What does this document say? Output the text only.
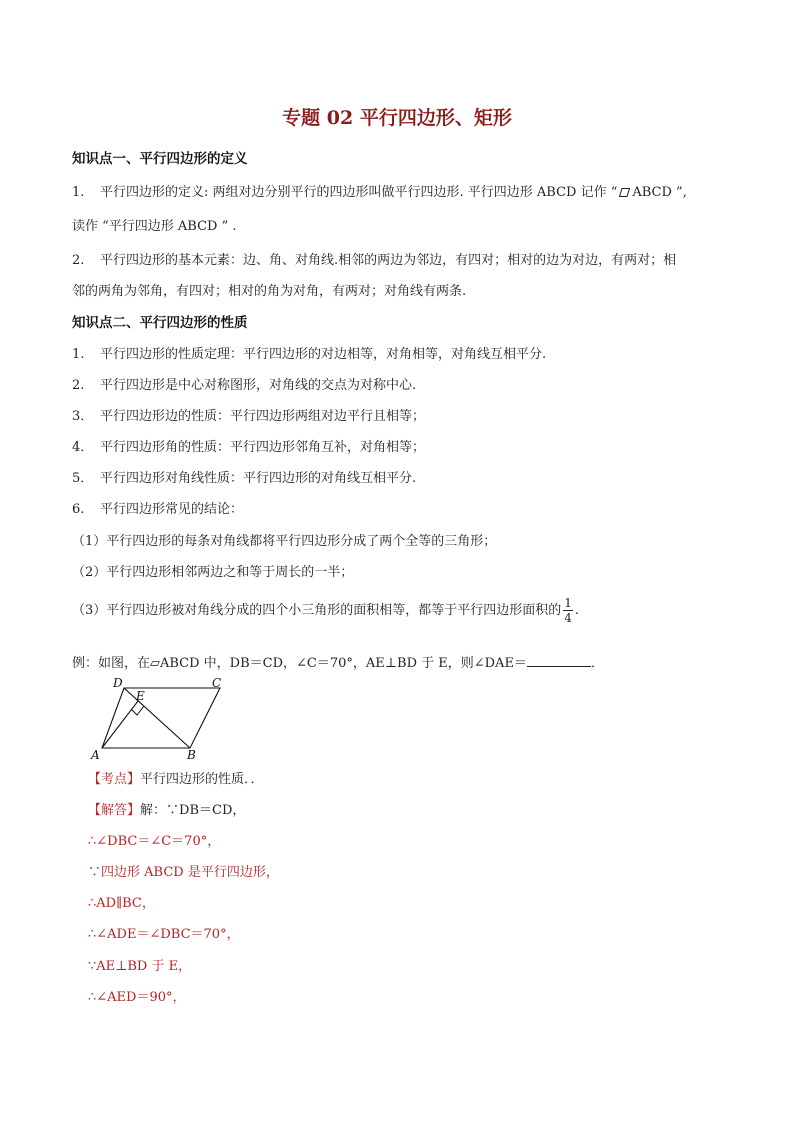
专题 02 平行四边形、矩形
知识点一、平行四边形的定义
1. 平行四边形的定义: 两组对边分别平行的四边形叫做平行四边形. 平行四边形 ABCD 记作 “ ABCD ”,
读作 “平行四边形 ABCD ” .
2. 平行四边形的基本元素：边、角、对角线.相邻的两边为邻边，有四对；相对的边为对边，有两对；相
邻的两角为邻角，有四对；相对的角为对角，有两对；对角线有两条.
知识点二、平行四边形的性质
1. 平行四边形的性质定理：平行四边形的对边相等，对角相等，对角线互相平分.
2. 平行四边形是中心对称图形，对角线的交点为对称中心.
3． 平行四边形边的性质：平行四边形两组对边平行且相等；
4． 平行四边形角的性质：平行四边形邻角互补，对角相等；
5． 平行四边形对角线性质：平行四边形的对角线互相平分.
6. 平行四边形常见的结论：
（1）平行四边形的每条对角线都将平行四边形分成了两个全等的三角形；
（2）平行四边形相邻两边之和等于周长的一半；
（3）平行四边形被对角线分成的四个小三角形的面积相等，都等于平行四边形面积的 $\frac{1}{4}$ .
例：如图，在▱ABCD 中，DB＝CD，∠C＝70°，AE⊥BD 于 E，则∠DAE＝	．
D
E
C
A	B
【考点】平行四边形的性质．．
【解答】解：∵DB＝CD，
∴∠DBC＝∠C＝70°，
∵四边形 ABCD 是平行四边形，
∴AD∥BC，
∴∠ADE＝∠DBC＝70°，
∵AE⊥BD 于 E，
∴∠AED＝90°，
